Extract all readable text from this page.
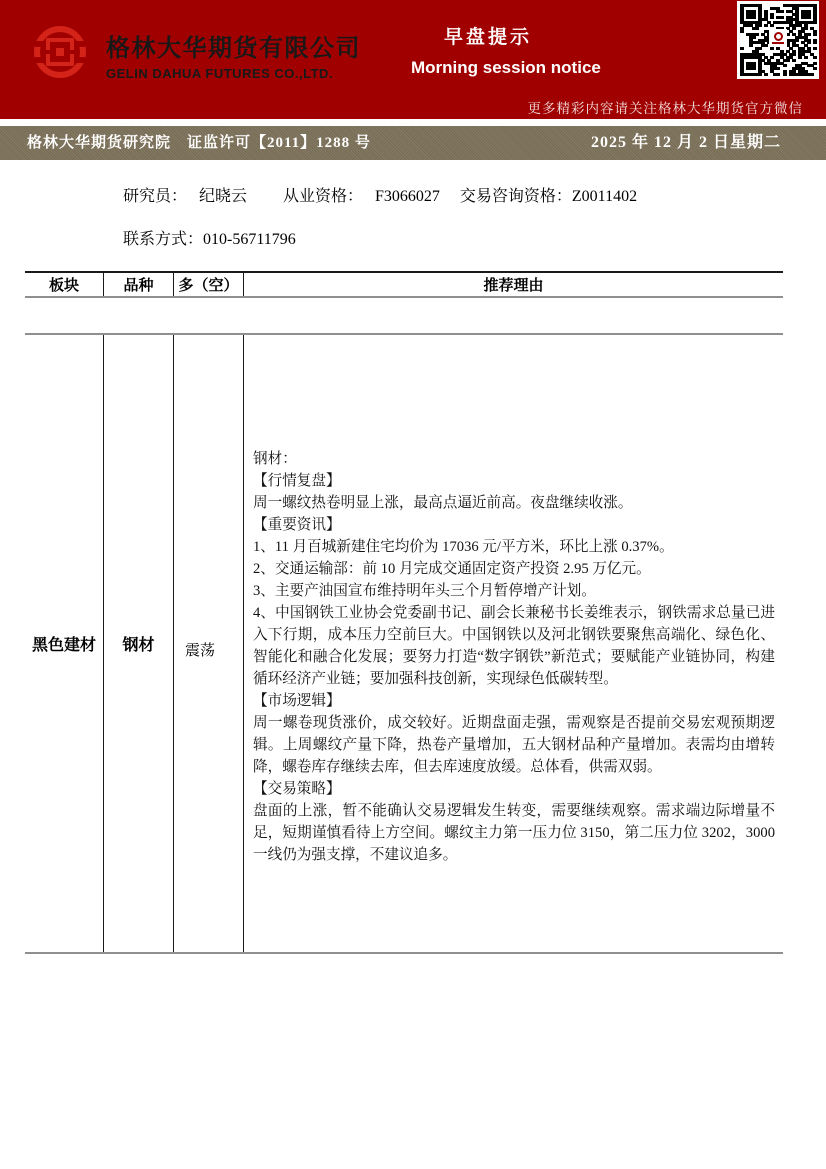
格林大华期货有限公司
GELIN DAHUA FUTURES CO.,LTD.
早盘提示
Morning session notice
更多精彩内容请关注格林大华期货官方微信
格林大华期货研究院　证监许可【2011】1288 号	2025 年 12 月 2 日星期二
研究员：　 纪晓云　　 从业资格：　 F3066027　 交易咨询资格：Z0011402
联系方式：010-56711796
板块	品种	多（空）	推荐理由
黑色建材	钢材	震荡
钢材：
【行情复盘】
周一螺纹热卷明显上涨，最高点逼近前高。夜盘继续收涨。
【重要资讯】
1、11 月百城新建住宅均价为 17036 元/平方米，环比上涨 0.37%。
2、交通运输部：前 10 月完成交通固定资产投资 2.95 万亿元。
3、主要产油国宣布维持明年头三个月暂停增产计划。
4、中国钢铁工业协会党委副书记、副会长兼秘书长姜维表示，钢铁需求总量已进入下行期，成本压力空前巨大。中国钢铁以及河北钢铁要聚焦高端化、绿色化、智能化和融合化发展；要努力打造“数字钢铁”新范式；要赋能产业链协同，构建循环经济产业链；要加强科技创新，实现绿色低碳转型。
【市场逻辑】
周一螺卷现货涨价，成交较好。近期盘面走强，需观察是否提前交易宏观预期逻辑。上周螺纹产量下降，热卷产量增加，五大钢材品种产量增加。表需均由增转降，螺卷库存继续去库，但去库速度放缓。总体看，供需双弱。
【交易策略】
盘面的上涨，暂不能确认交易逻辑发生转变，需要继续观察。需求端边际增量不足，短期谨慎看待上方空间。螺纹主力第一压力位 3150，第二压力位 3202，3000 一线仍为强支撑，不建议追多。
